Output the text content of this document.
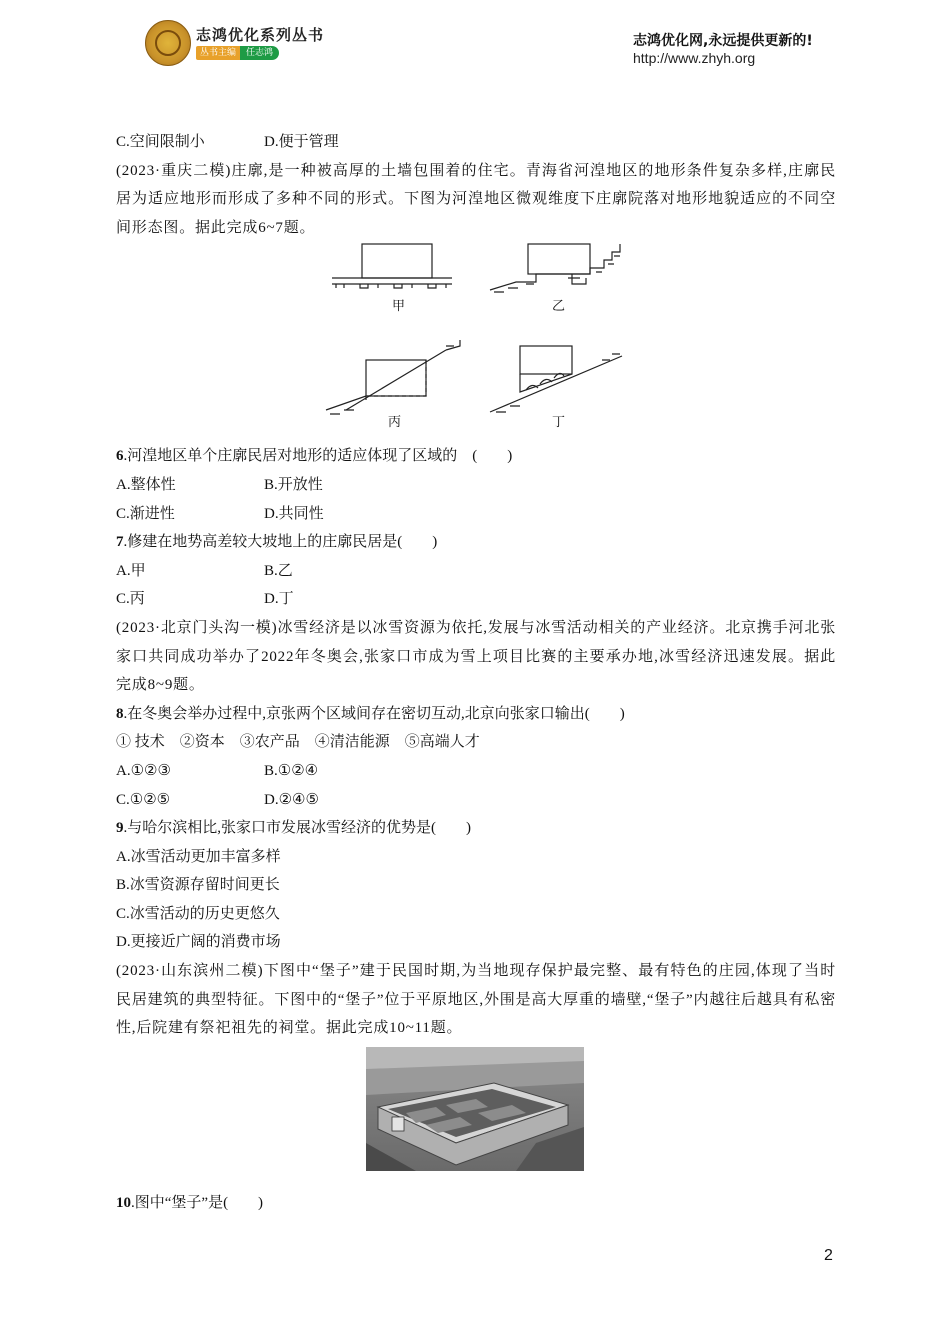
志鸿优化系列丛书
丛书主编	任志鸿
志鸿优化网,永远提供更新的!
http://www.zhyh.org
C.空间限制小	D.便于管理
(2023·重庆二模)庄廓,是一种被高厚的土墙包围着的住宅。青海省河湟地区的地形条件复杂多样,庄廓民居为适应地形而形成了多种不同的形式。下图为河湟地区微观维度下庄廓院落对地形地貌适应的不同空间形态图。据此完成6~7题。
甲	乙
丙	丁
6.河湟地区单个庄廓民居对地形的适应体现了区域的　(　　)
A.整体性	B.开放性
C.渐进性	D.共同性
7.修建在地势高差较大坡地上的庄廓民居是(　　)
A.甲	B.乙
C.丙	D.丁
(2023·北京门头沟一模)冰雪经济是以冰雪资源为依托,发展与冰雪活动相关的产业经济。北京携手河北张家口共同成功举办了2022年冬奥会,张家口市成为雪上项目比赛的主要承办地,冰雪经济迅速发展。据此完成8~9题。
8.在冬奥会举办过程中,京张两个区域间存在密切互动,北京向张家口输出(　　)
① 技术　②资本　③农产品　④清洁能源　⑤高端人才
A.①②③	B.①②④
C.①②⑤	D.②④⑤
9.与哈尔滨相比,张家口市发展冰雪经济的优势是(　　)
A.冰雪活动更加丰富多样
B.冰雪资源存留时间更长
C.冰雪活动的历史更悠久
D.更接近广阔的消费市场
(2023·山东滨州二模)下图中“堡子”建于民国时期,为当地现存保护最完整、最有特色的庄园,体现了当时民居建筑的典型特征。下图中的“堡子”位于平原地区,外围是高大厚重的墙壁,“堡子”内越往后越具有私密性,后院建有祭祀祖先的祠堂。据此完成10~11题。
10.图中“堡子”是(　　)
2
